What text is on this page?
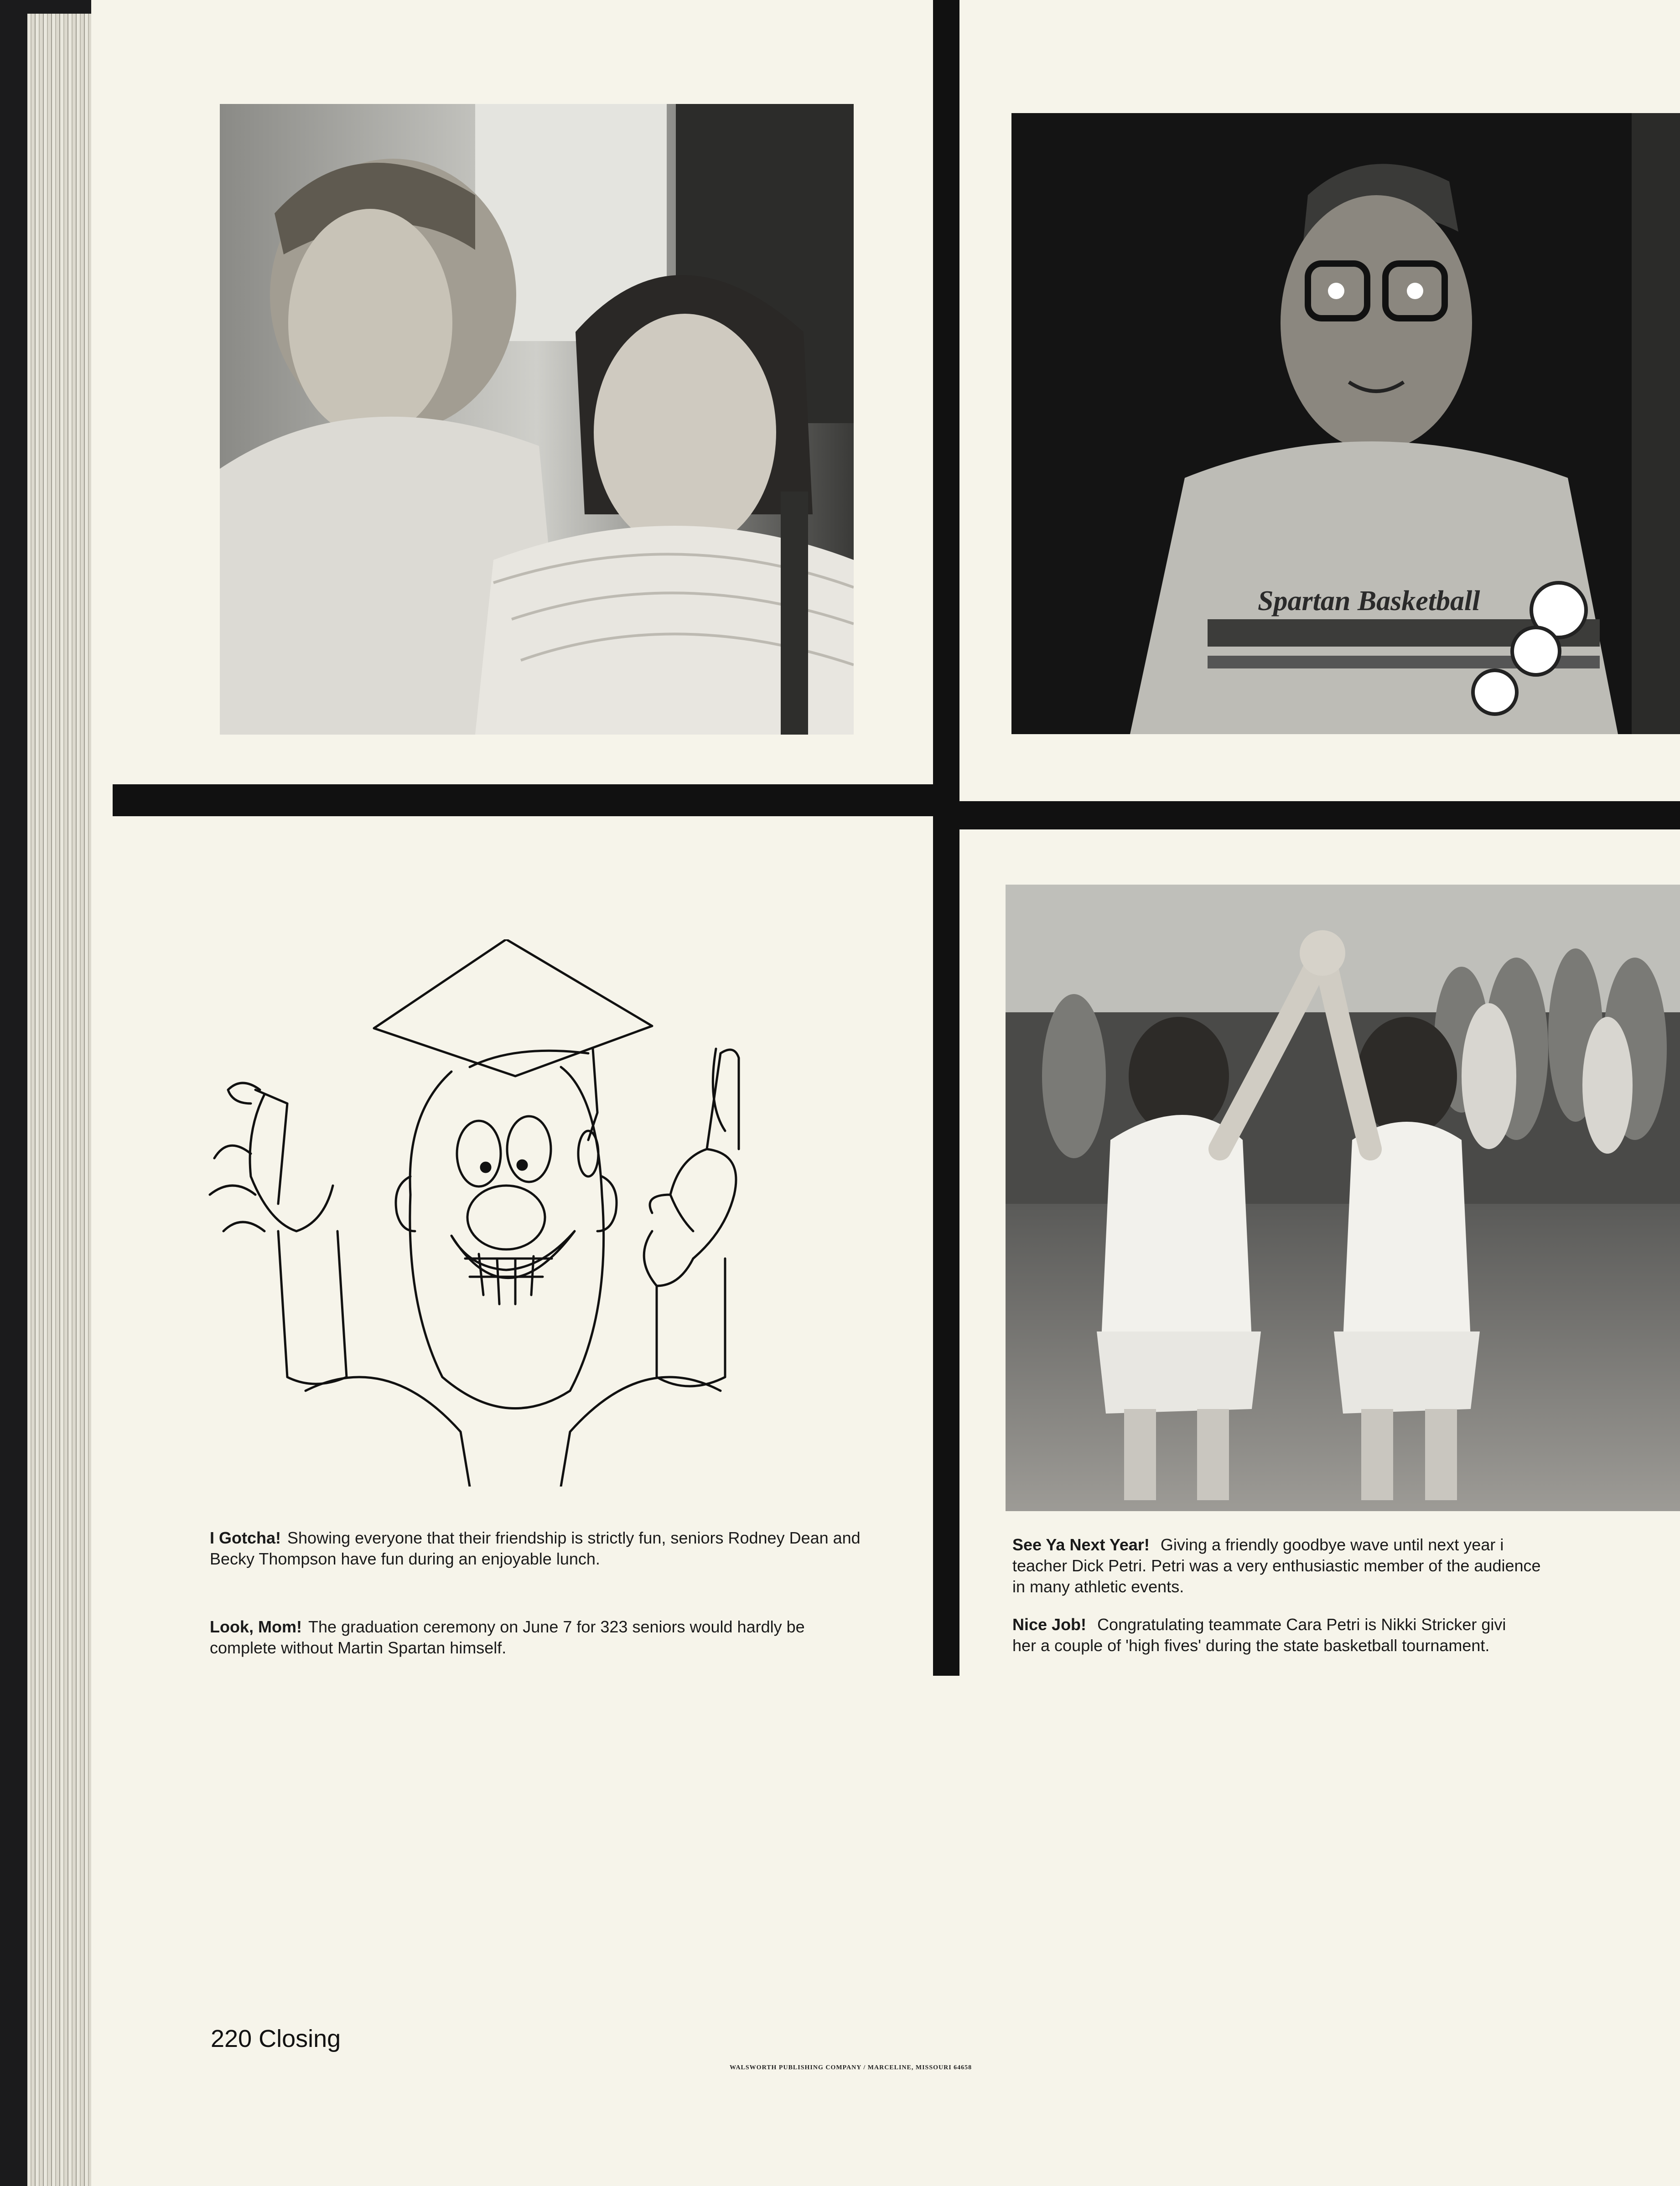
Spartan Basketball
I Gotcha! Showing everyone that their friendship is strictly fun, seniors Rodney Dean and Becky Thompson have fun during an enjoyable lunch.
Look, Mom! The graduation ceremony on June 7 for 323 seniors would hardly be complete without Martin Spartan himself.
See Ya Next Year! Giving a friendly goodbye wave until next year i
teacher Dick Petri. Petri was a very enthusiastic member of the audience
in many athletic events.
Nice Job! Congratulating teammate Cara Petri is Nikki Stricker givi
her a couple of 'high fives' during the state basketball tournament.
WALSWORTH PUBLISHING COMPANY / MARCELINE, MISSOURI 64658
220 Closing
